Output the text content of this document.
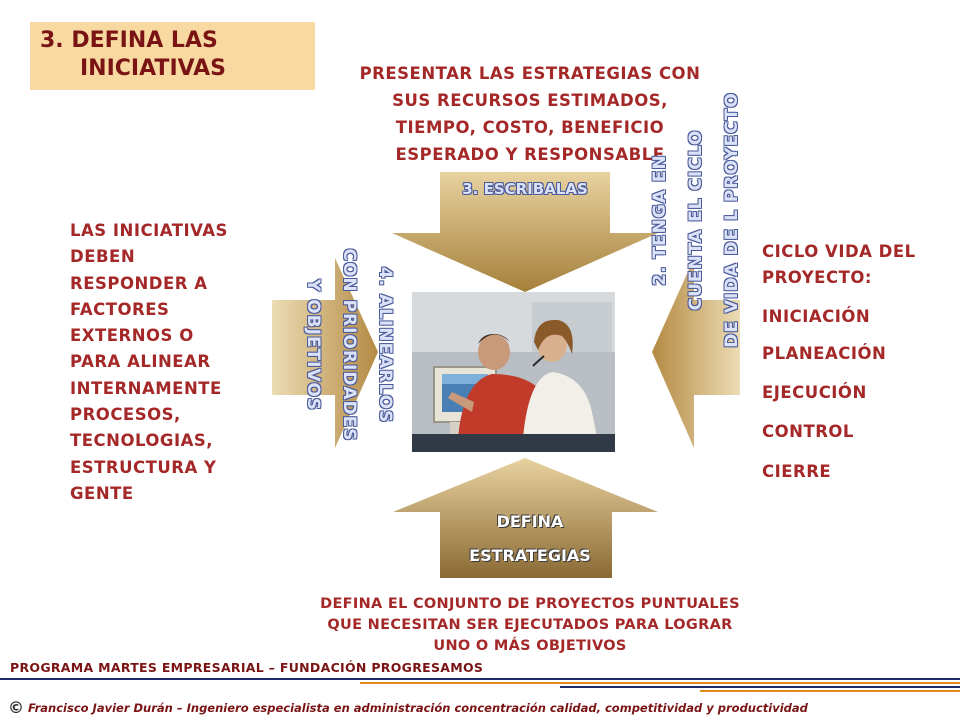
3. DEFINA LAS
INICIATIVAS	PRESENTAR LAS ESTRATEGIAS CON
SUS RECURSOS ESTIMADOS,
TIEMPO, COSTO, BENEFICIO
ESPERADO Y RESPONSABLE
LAS INICIATIVAS
DEBEN
RESPONDER A
FACTORES
EXTERNOS O
PARA ALINEAR
INTERNAMENTE
PROCESOS,
TECNOLOGIAS,
ESTRUCTURA Y
GENTE
CICLO VIDA DEL
PROYECTO:
INICIACIÓN
PLANEACIÓN
EJECUCIÓN
CONTROL
CIERRE
3. ESCRIBALAS
DEFINA
ESTRATEGIAS
2. TENGA EN CUENTA EL CICLO DE VIDA DE L PROYECTO
4. ALINEARLOS
CON PRIORIDADES
Y OBJETIVOS
DEFINA EL CONJUNTO DE PROYECTOS PUNTUALES
QUE NECESITAN SER EJECUTADOS PARA LOGRAR
UNO O MÁS OBJETIVOS
PROGRAMA MARTES EMPRESARIAL – FUNDACIÓN PROGRESAMOS
© Francisco Javier Durán – Ingeniero especialista en administración concentración calidad, competitividad y productividad
